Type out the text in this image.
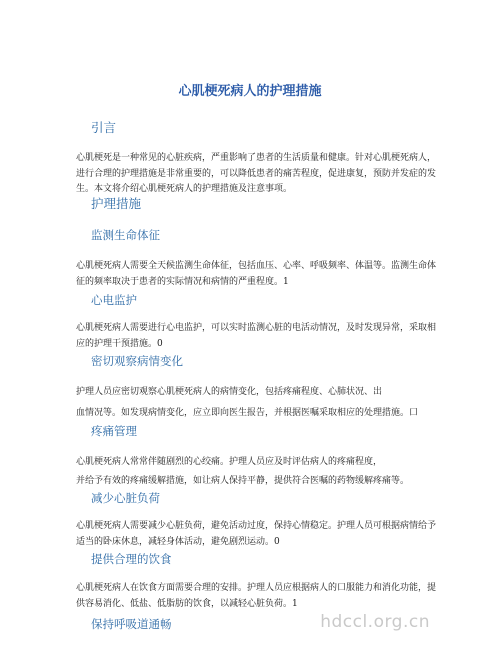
心肌梗死病人的护理措施
引言
心肌梗死是一种常见的心脏疾病，严重影响了患者的生活质量和健康。针对心肌梗死病人，进行合理的护理措施是非常重要的，可以降低患者的痛苦程度，促进康复，预防并发症的发生。本文将介绍心肌梗死病人的护理措施及注意事项。
护理措施
监测生命体征
心肌梗死病人需要全天候监测生命体征，包括血压、心率、呼吸频率、体温等。监测生命体征的频率取决于患者的实际情况和病情的严重程度。1
心电监护
心肌梗死病人需要进行心电监护，可以实时监测心脏的电活动情况，及时发现异常，采取相应的护理干预措施。0
密切观察病情变化
护理人员应密切观察心肌梗死病人的病情变化，包括疼痛程度、心肺状况、出
血情况等。如发现病情变化，应立即向医生报告，并根据医嘱采取相应的处理措施。口
疼痛管理
心肌梗死病人常常伴随剧烈的心绞痛。护理人员应及时评估病人的疼痛程度，
并给予有效的疼痛缓解措施，如让病人保持平静，提供符合医嘱的药物缓解疼痛等。
减少心脏负荷
心肌梗死病人需要减少心脏负荷，避免活动过度，保持心情稳定。护理人员可根据病情给予适当的卧床休息，减轻身体活动，避免剧烈运动。0
提供合理的饮食
心肌梗死病人在饮食方面需要合理的安排。护理人员应根据病人的口服能力和消化功能，提供容易消化、低盐、低脂肪的饮食，以减轻心脏负荷。1
保持呼吸道通畅	hdccl.org.cn
